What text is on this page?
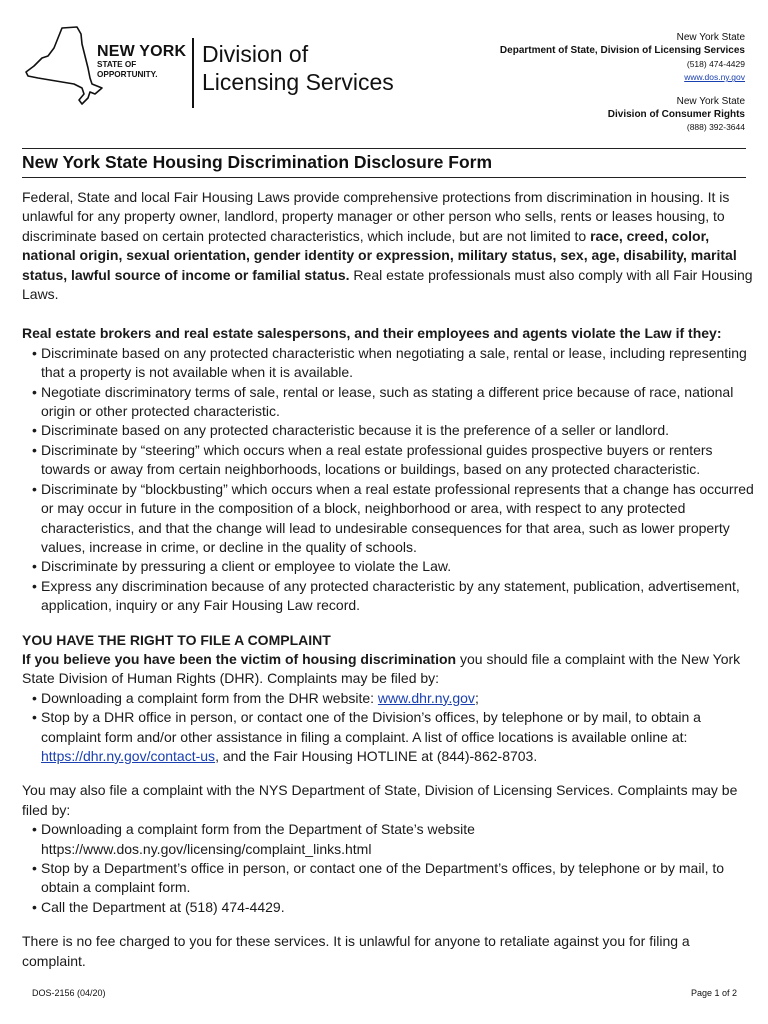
NEW YORK
STATE OF
OPPORTUNITY.
Division of
Licensing Services
New York State
Department of State, Division of Licensing Services
(518) 474-4429
www.dos.ny.gov
New York State
Division of Consumer Rights
(888) 392-3644
New York State Housing Discrimination Disclosure Form

Federal, State and local Fair Housing Laws provide comprehensive protections from discrimination in housing. It is unlawful for any property owner, landlord, property manager or other person who sells, rents or leases housing, to discriminate based on certain protected characteristics, which include, but are not limited to race, creed, color, national origin, sexual orientation, gender identity or expression, military status, sex, age, disability, marital status, lawful source of income or familial status. Real estate professionals must also comply with all Fair Housing Laws.

Real estate brokers and real estate salespersons, and their employees and agents violate the Law if they:

• Discriminate based on any protected characteristic when negotiating a sale, rental or lease, including representing that a property is not available when it is available.
• Negotiate discriminatory terms of sale, rental or lease, such as stating a different price because of race, national origin or other protected characteristic.
• Discriminate based on any protected characteristic because it is the preference of a seller or landlord.
• Discriminate by “steering” which occurs when a real estate professional guides prospective buyers or renters towards or away from certain neighborhoods, locations or buildings, based on any protected characteristic.
• Discriminate by “blockbusting” which occurs when a real estate professional represents that a change has occurred or may occur in future in the composition of a block, neighborhood or area, with respect to any protected characteristics, and that the change will lead to undesirable consequences for that area, such as lower property values, increase in crime, or decline in the quality of schools.
• Discriminate by pressuring a client or employee to violate the Law.
• Express any discrimination because of any protected characteristic by any statement, publication, advertisement, application, inquiry or any Fair Housing Law record.

YOU HAVE THE RIGHT TO FILE A COMPLAINT

If you believe you have been the victim of housing discrimination you should file a complaint with the New York State Division of Human Rights (DHR). Complaints may be filed by:

• Downloading a complaint form from the DHR website: www.dhr.ny.gov;
• Stop by a DHR office in person, or contact one of the Division’s offices, by telephone or by mail, to obtain a complaint form and/or other assistance in filing a complaint. A list of office locations is available online at: https://dhr.ny.gov/contact-us, and the Fair Housing HOTLINE at (844)-862-8703.

You may also file a complaint with the NYS Department of State, Division of Licensing Services. Complaints may be filed by:

• Downloading a complaint form from the Department of State’s website https://www.dos.ny.gov/licensing/complaint_links.html
• Stop by a Department’s office in person, or contact one of the Department’s offices, by telephone or by mail, to obtain a complaint form.
• Call the Department at (518) 474-4429.

There is no fee charged to you for these services. It is unlawful for anyone to retaliate against you for filing a complaint.

DOS-2156 (04/20)	Page 1 of 2
